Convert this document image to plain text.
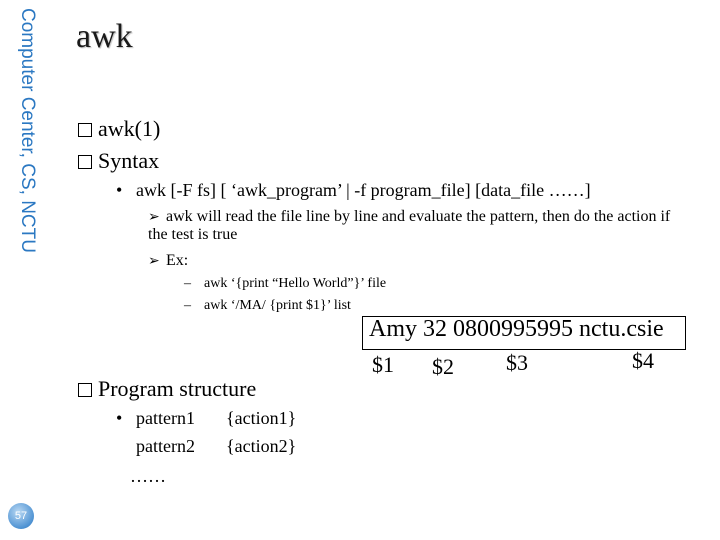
Computer Center, CS, NCTU
57
awk
awk(1)
Syntax
• awk [-F fs] [ ‘awk_program’ | -f program_file] [data_file ……]
➢ awk will read the file line by line and evaluate the pattern, then do the action if the test is true
➢ Ex:
– awk ‘{print “Hello World”}’ file
– awk ‘/MA/ {print $1}’ list
Amy 32 0800995995 nctu.csie
$1 $2 $3	$4
Program structure
• pattern1 {action1}
pattern2 {action2}
……
